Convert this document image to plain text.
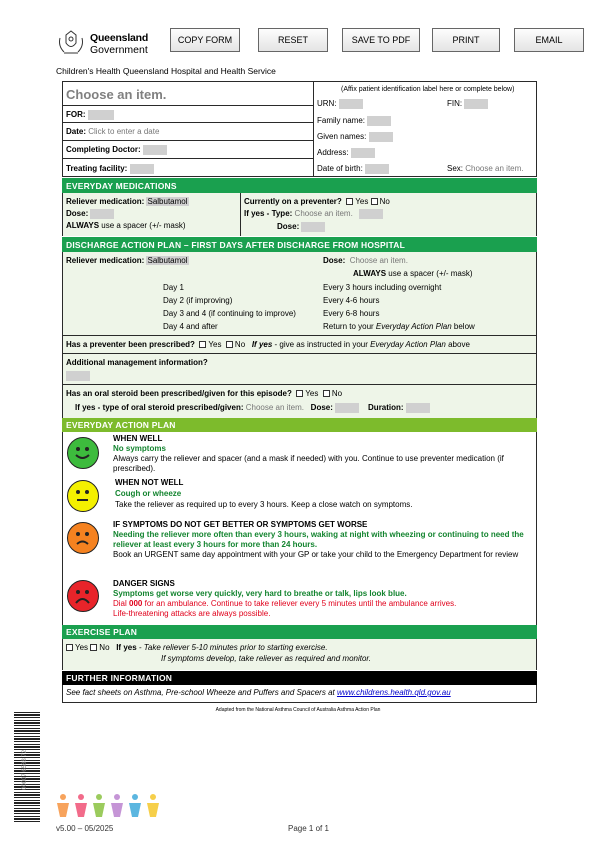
Queensland
Government
COPY FORM	RESET	SAVE TO PDF	PRINT	EMAIL
Children's Health Queensland Hospital and Health Service
Choose an item.
FOR:
Date: Click to enter a date
Completing Doctor:
Treating facility:
(Affix patient identification label here or complete below)
URN:	FIN:
Family name:
Given names:
Address:
Date of birth:	Sex: Choose an item.
EVERYDAY MEDICATIONS
Reliever medication: Salbutamol
Dose:
ALWAYS use a spacer (+/- mask)
Currently on a preventer? Yes No
If yes - Type: Choose an item.
Dose:
DISCHARGE ACTION PLAN – FIRST DAYS AFTER DISCHARGE FROM HOSPITAL
Reliever medication: Salbutamol	Dose: Choose an item.
ALWAYS use a spacer (+/- mask)
Day 1	Every 3 hours including overnight
Day 2 (if improving)	Every 4-6 hours
Day 3 and 4 (if continuing to improve)	Every 6-8 hours
Day 4 and after	Return to your Everyday Action Plan below
Has a preventer been prescribed? Yes No If yes - give as instructed in your Everyday Action Plan above
Additional management information?
Has an oral steroid been prescribed/given for this episode? Yes No
If yes - type of oral steroid prescribed/given: Choose an item. Dose:	Duration:
EVERYDAY ACTION PLAN
WHEN WELL
No symptoms
Always carry the reliever and spacer (and a mask if needed) with you. Continue to use preventer medication (if prescribed).
WHEN NOT WELL
Cough or wheeze
Take the reliever as required up to every 3 hours. Keep a close watch on symptoms.
IF SYMPTOMS DO NOT GET BETTER OR SYMPTOMS GET WORSE
Needing the reliever more often than every 3 hours, waking at night with wheezing or continuing to need the reliever at least every 3 hours for more than 24 hours.
Book an URGENT same day appointment with your GP or take your child to the Emergency Department for review
DANGER SIGNS
Symptoms get worse very quickly, very hard to breathe or talk, lips look blue.
Dial 000 for an ambulance. Continue to take reliever every 5 minutes until the ambulance arrives.
Life-threatening attacks are always possible.
EXERCISE PLAN
Yes No If yes - Take reliever 5-10 minutes prior to starting exercise.
If symptoms develop, take reliever as required and monitor.
FURTHER INFORMATION
See fact sheets on Asthma, Pre-school Wheeze and Puffers and Spacers at www.childrens.health.qld.gov.au
Adapted from the National Asthma Council of Australia Asthma Action Plan
00007 6588 72
v5.00 – 05/2025	Page 1 of 1
